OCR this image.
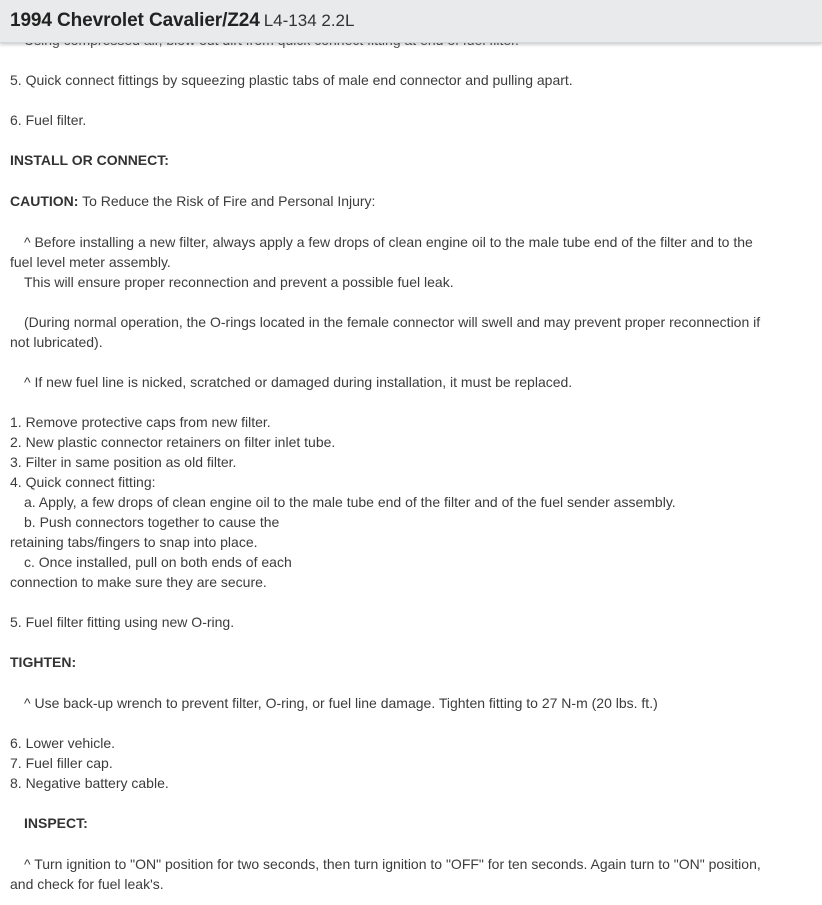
1994 Chevrolet Cavalier/Z24 L4-134 2.2L
5. Quick connect fittings by squeezing plastic tabs of male end connector and pulling apart.
6. Fuel filter.
INSTALL OR CONNECT:
CAUTION: To Reduce the Risk of Fire and Personal Injury:
^ Before installing a new filter, always apply a few drops of clean engine oil to the male tube end of the filter and to the
fuel level meter assembly.
This will ensure proper reconnection and prevent a possible fuel leak.
(During normal operation, the O-rings located in the female connector will swell and may prevent proper reconnection if
not lubricated).
^ If new fuel line is nicked, scratched or damaged during installation, it must be replaced.
1. Remove protective caps from new filter.
2. New plastic connector retainers on filter inlet tube.
3. Filter in same position as old filter.
4. Quick connect fitting:
a. Apply, a few drops of clean engine oil to the male tube end of the filter and of the fuel sender assembly.
b. Push connectors together to cause the
retaining tabs/fingers to snap into place.
c. Once installed, pull on both ends of each
connection to make sure they are secure.
5. Fuel filter fitting using new O-ring.
TIGHTEN:
^ Use back-up wrench to prevent filter, O-ring, or fuel line damage. Tighten fitting to 27 N-m (20 lbs. ft.)
6. Lower vehicle.
7. Fuel filler cap.
8. Negative battery cable.
INSPECT:
^ Turn ignition to "ON" position for two seconds, then turn ignition to "OFF" for ten seconds. Again turn to "ON" position,
and check for fuel leak's.
